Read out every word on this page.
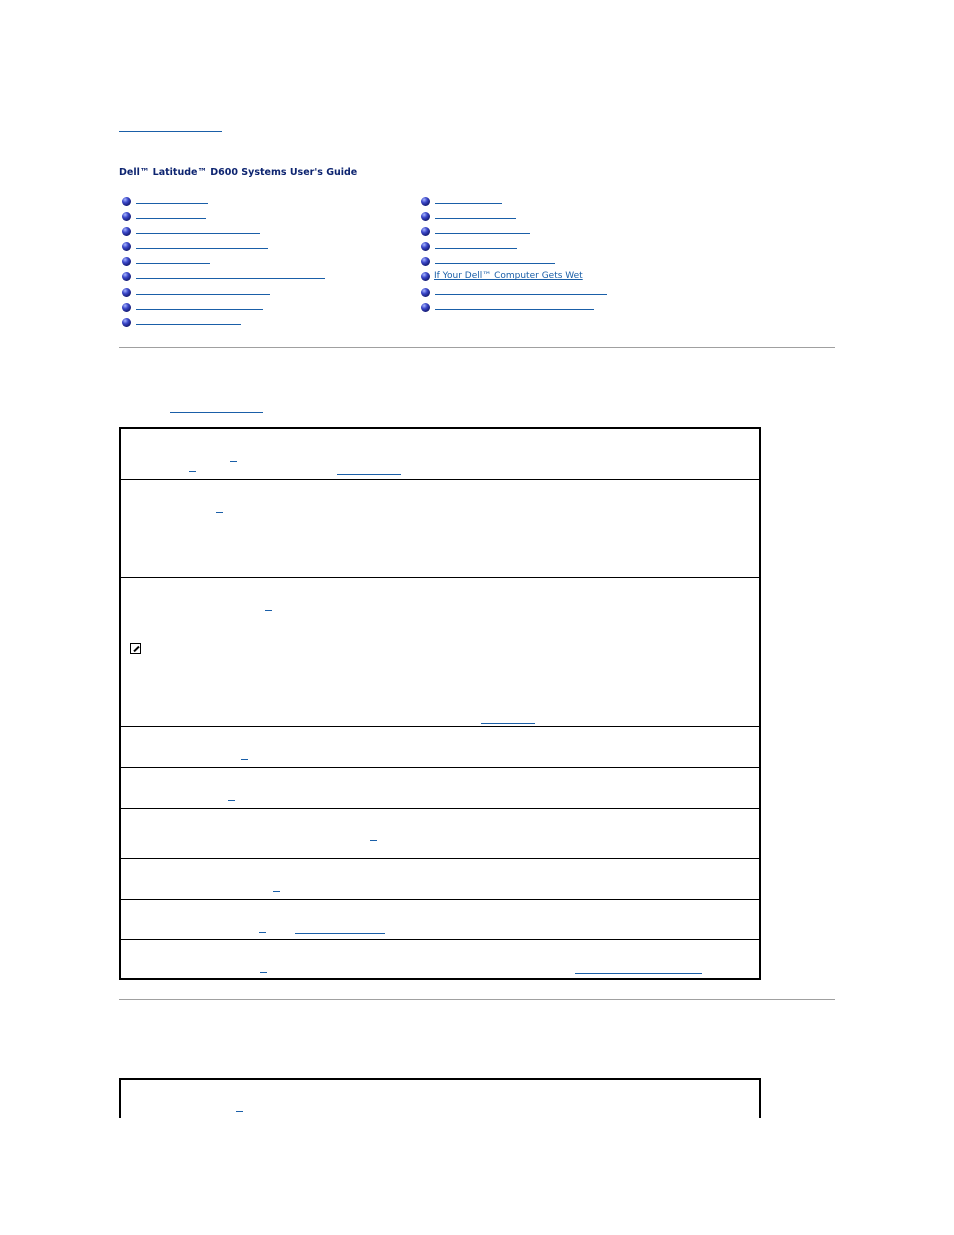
Dell™ Latitude™ D600 Systems User's Guide
If Your Dell™ Computer Gets Wet
